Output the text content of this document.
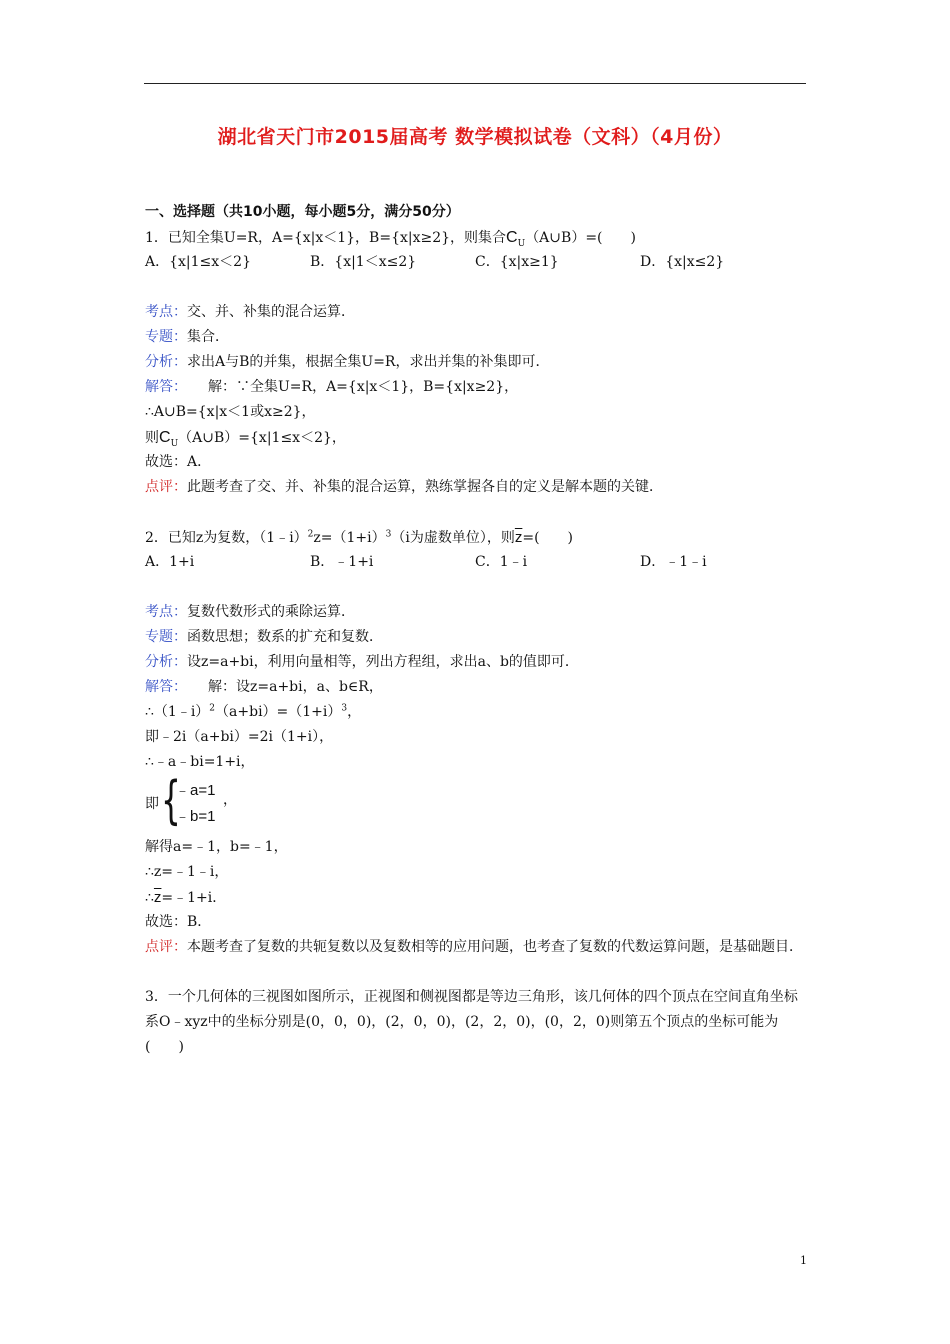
湖北省天门市2015届高考 数学模拟试卷（文科）（4月份）
一、选择题（共10小题，每小题5分，满分50分）
1．已知全集U=R，A={x|x＜1}，B={x|x≥2}，则集合$C_U(A\cup B)=$(　　)
A．{x|1≤x＜2}	B．{x|1＜x≤2}	C．{x|x≥1}	D．{x|x≤2}
考点：交、并、补集的混合运算．
专题：集合．
分析：求出A与B的并集，根据全集U=R，求出并集的补集即可．
解答：　　解：∵全集U=R，A={x|x＜1}，B={x|x≥2}，
∴A∪B={x|x＜1或x≥2}，
则$C_U(A\cup B)=\{x|1\le x<2\}$，
故选：A．
点评：此题考查了交、并、补集的混合运算，熟练掌握各自的定义是解本题的关键．
2．已知z为复数，$(1﹣i)^2z=(1+i)^3(i$为虚数单位），则$\overline{z}=$(　　)
A．1+i	B．﹣1+i	C．1﹣i	D．﹣1﹣i
考点：复数代数形式的乘除运算．
专题：函数思想；数系的扩充和复数．
分析：设z=a+bi，利用向量相等，列出方程组，求出a、b的值即可．
解答：　　解：设z=a+bi，a、b∈R，
$\therefore(1﹣i)^2(a+bi)=(1+i)^3$，
即﹣2i（a+bi）=2i（1+i），
∴﹣a﹣bi=1+i，
即 {
﹣a=1
﹣b=1
，
解得a=﹣1，b=﹣1，
∴z=﹣1﹣i，
$\therefore\overline{z}=﹣1+i$．
故选：B．
点评：本题考查了复数的共轭复数以及复数相等的应用问题，也考查了复数的代数运算问题，是基础题目．
3．一个几何体的三视图如图所示，正视图和侧视图都是等边三角形，该几何体的四个顶点在空间直角坐标系O﹣xyz中的坐标分别是(0，0，0)，(2，0，0)，(2，2，0)，(0，2，0)则第五个顶点的坐标可能为(　　)
1
